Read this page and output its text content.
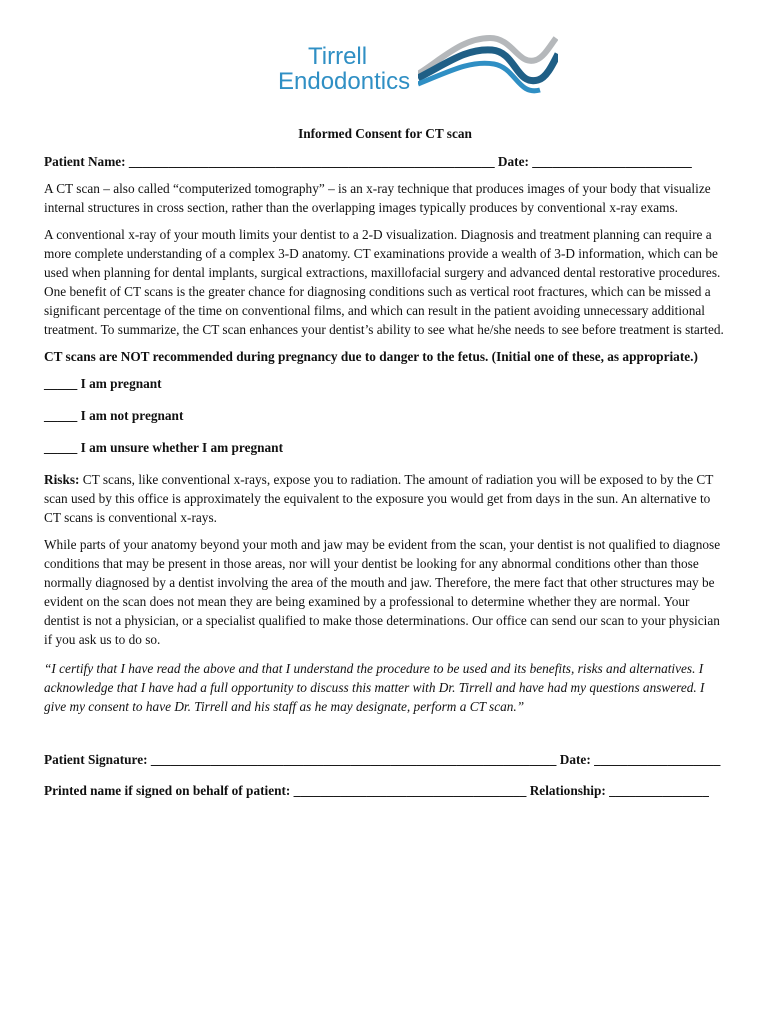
Tirrell
Endodontics
Informed Consent for CT scan

Patient Name: _______________________________________________________ Date: ________________________

A CT scan – also called “computerized tomography” – is an x-ray technique that produces images of your body that visualize internal structures in cross section, rather than the overlapping images typically produces by conventional x-ray exams.

A conventional x-ray of your mouth limits your dentist to a 2-D visualization. Diagnosis and treatment planning can require a more complete understanding of a complex 3-D anatomy. CT examinations provide a wealth of 3-D information, which can be used when planning for dental implants, surgical extractions, maxillofacial surgery and advanced dental restorative procedures. One benefit of CT scans is the greater chance for diagnosing conditions such as vertical root fractures, which can be missed a significant percentage of the time on conventional films, and which can result in the patient avoiding unnecessary additional treatment. To summarize, the CT scan enhances your dentist’s ability to see what he/she needs to see before treatment is started.

CT scans are NOT recommended during pregnancy due to danger to the fetus. (Initial one of these, as appropriate.)

_____ I am pregnant
_____ I am not pregnant
_____ I am unsure whether I am pregnant

Risks: CT scans, like conventional x-rays, expose you to radiation. The amount of radiation you will be exposed to by the CT scan used by this office is approximately the equivalent to the exposure you would get from days in the sun. An alternative to CT scans is conventional x-rays.

While parts of your anatomy beyond your moth and jaw may be evident from the scan, your dentist is not qualified to diagnose conditions that may be present in those areas, nor will your dentist be looking for any abnormal conditions other than those normally diagnosed by a dentist involving the area of the mouth and jaw. Therefore, the mere fact that other structures may be evident on the scan does not mean they are being examined by a professional to determine whether they are normal. Your dentist is not a physician, or a specialist qualified to make those determinations. Our office can send our scan to your physician if you ask us to do so.

“I certify that I have read the above and that I understand the procedure to be used and its benefits, risks and alternatives. I acknowledge that I have had a full opportunity to discuss this matter with Dr. Tirrell and have had my questions answered. I give my consent to have Dr. Tirrell and his staff as he may designate, perform a CT scan.”

Patient Signature: _____________________________________________________________ Date: ___________________
Printed name if signed on behalf of patient: ___________________________________ Relationship: _______________
